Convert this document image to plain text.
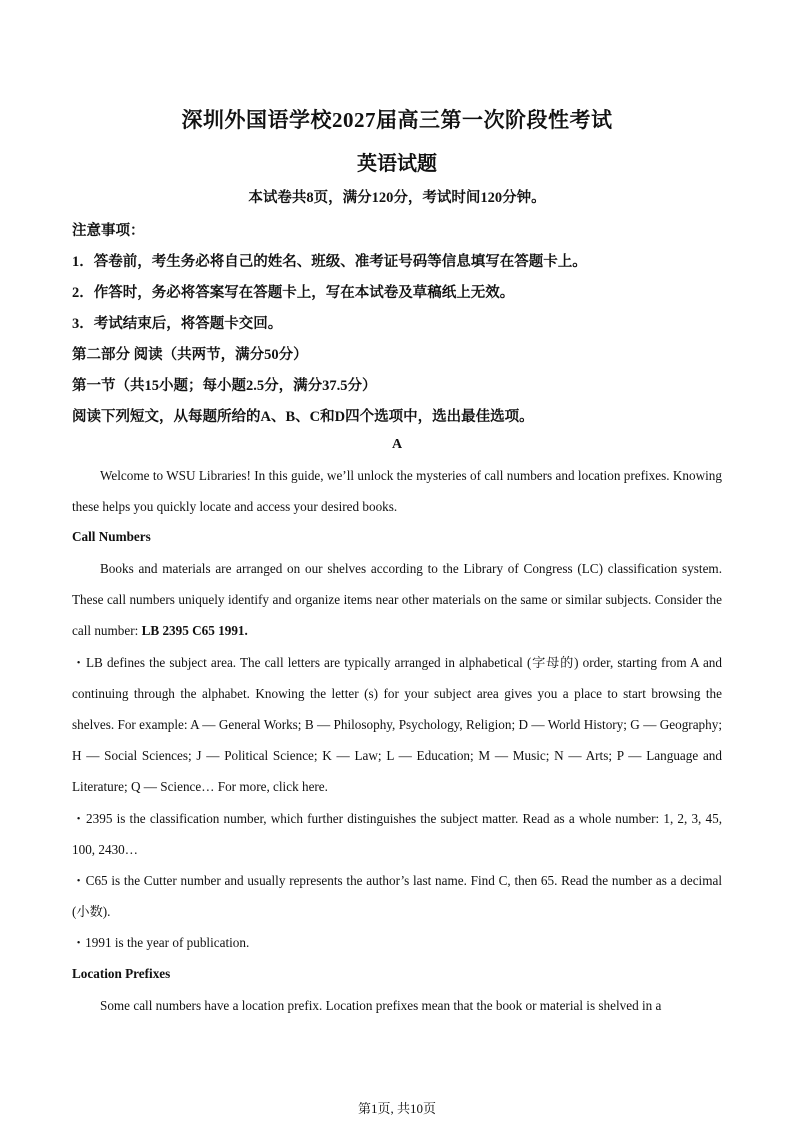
深圳外国语学校2027届高三第一次阶段性考试
英语试题
本试卷共8页，满分120分，考试时间120分钟。
注意事项：
1．答卷前，考生务必将自己的姓名、班级、准考证号码等信息填写在答题卡上。
2．作答时，务必将答案写在答题卡上，写在本试卷及草稿纸上无效。
3．考试结束后，将答题卡交回。
第二部分 阅读（共两节，满分50分）
第一节（共15小题；每小题2.5分，满分37.5分）
阅读下列短文，从每题所给的A、B、C和D四个选项中，选出最佳选项。
A
Welcome to WSU Libraries! In this guide, we’ll unlock the mysteries of call numbers and location prefixes. Knowing these helps you quickly locate and access your desired books.
Call Numbers
Books and materials are arranged on our shelves according to the Library of Congress (LC) classification system. These call numbers uniquely identify and organize items near other materials on the same or similar subjects. Consider the call number: LB 2395 C65 1991.
・LB defines the subject area. The call letters are typically arranged in alphabetical (字母的) order, starting from A and continuing through the alphabet. Knowing the letter (s) for your subject area gives you a place to start browsing the shelves. For example: A — General Works; B — Philosophy, Psychology, Religion; D — World History; G — Geography; H — Social Sciences; J — Political Science; K — Law; L — Education; M — Music; N — Arts; P — Language and Literature; Q — Science… For more, click here.
・2395 is the classification number, which further distinguishes the subject matter. Read as a whole number: 1, 2, 3, 45, 100, 2430…
・C65 is the Cutter number and usually represents the author’s last name. Find C, then 65. Read the number as a decimal (小数).
・1991 is the year of publication.
Location Prefixes
Some call numbers have a location prefix. Location prefixes mean that the book or material is shelved in a
第1页, 共10页
